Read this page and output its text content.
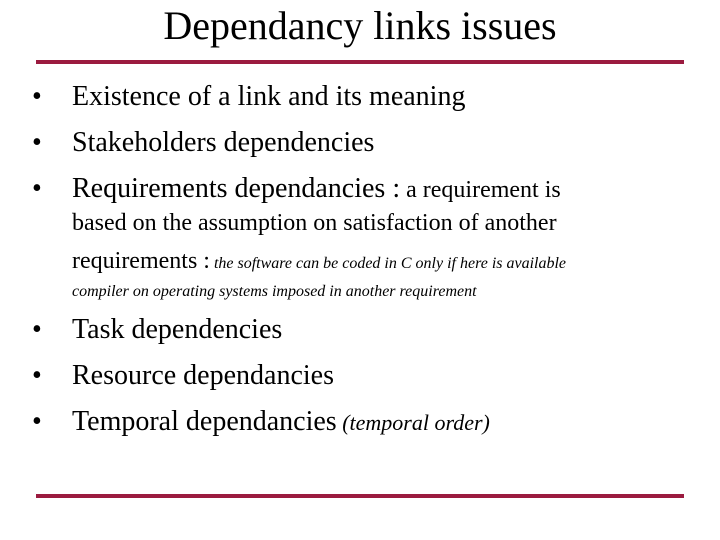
Dependancy links issues
• Existence of a link and its meaning
• Stakeholders dependencies
• Requirements dependancies : a requirement is
based on the assumption on satisfaction of another
requirements : the software can be coded in C only if here is available
compiler on operating systems imposed in another requirement
• Task dependencies
• Resource dependancies
• Temporal dependancies (temporal order)
